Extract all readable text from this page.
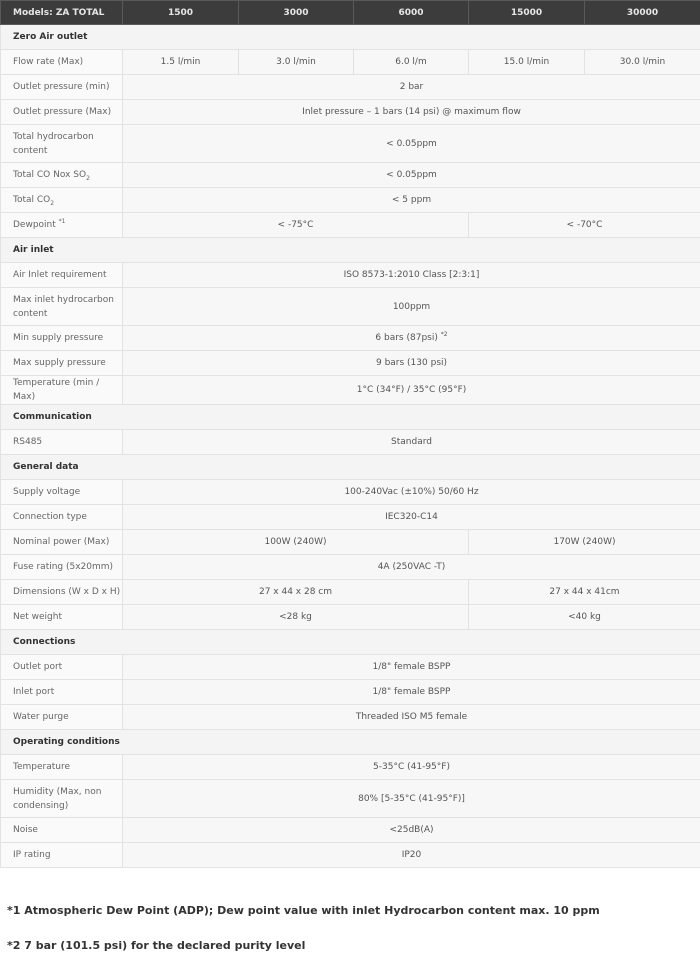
Models: ZA TOTAL	1500	3000	6000	15000	30000
Zero Air outlet					
Flow rate (Max)	1.5 l/min	3.0 l/min	6.0 l/m	15.0 l/min	30.0 l/min
Outlet pressure (min)	2 bar				
Outlet pressure (Max)	Inlet pressure – 1 bars (14 psi) @ maximum flow				
Total hydrocarbon content	< 0.05ppm				
Total CO Nox $SO_2$	< 0.05ppm				
Total $CO_2$	< 5 ppm				
Dewpoint $^{*1}$	< -75°C			< -70°C	
Air inlet					
Air Inlet requirement	ISO 8573-1:2010 Class [2:3:1]				
Max inlet hydrocarbon content	100ppm				
Min supply pressure	6 bars (87psi) $^{*2}$
Max supply pressure	9 bars (130 psi)				
Temperature (min / Max)	1°C (34°F) / 35°C (95°F)				
Communication					
RS485	Standard				
General data					
Supply voltage	100-240Vac (±10%) 50/60 Hz				
Connection type	IEC320-C14				
Nominal power (Max)	100W (240W)			170W (240W)	
Fuse rating (5x20mm)	4A (250VAC -T)				
Dimensions (W x D x H)	27 x 44 x 28 cm			27 x 44 x 41cm	
Net weight	<28 kg			<40 kg	
Connections					
Outlet port	1/8" female BSPP				
Inlet port	1/8" female BSPP				
Water purge	Threaded ISO M5 female				
Operating conditions					
Temperature	5-35°C (41-95°F)				
Humidity (Max, non condensing)	80% [5-35°C (41-95°F)]				
Noise	<25dB(A)				
IP rating	IP20				
*1 Atmospheric Dew Point (ADP); Dew point value with inlet Hydrocarbon content max. 10 ppm
*2 7 bar (101.5 psi) for the declared purity level
